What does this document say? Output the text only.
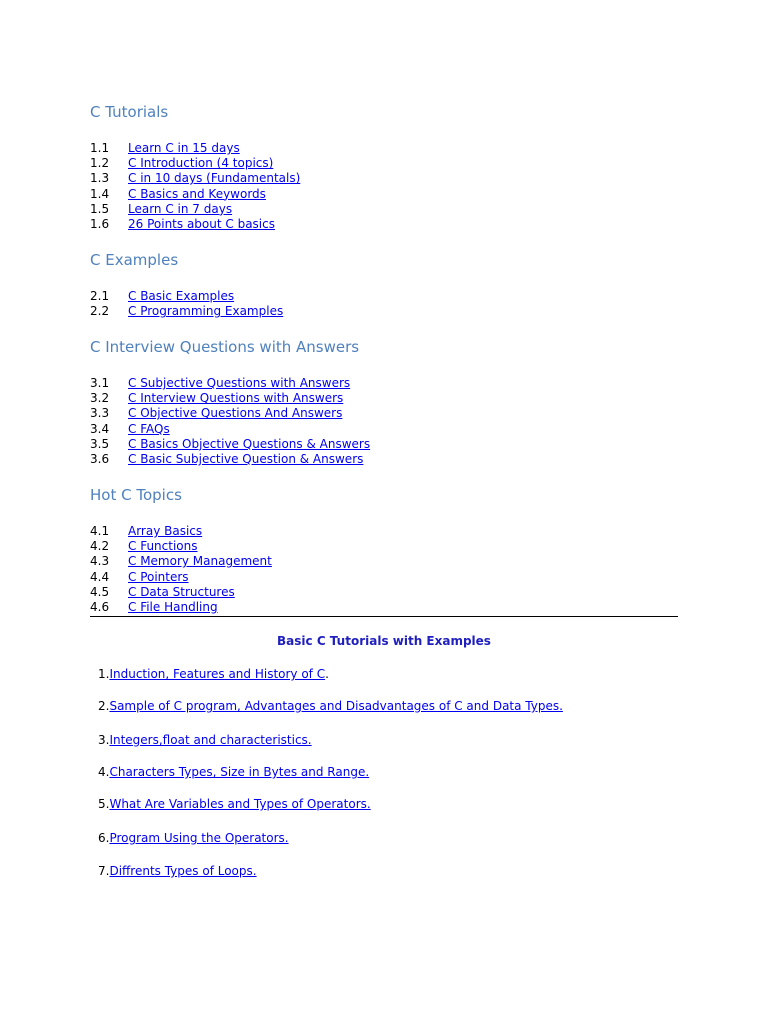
C Tutorials
1.1 Learn C in 15 days
1.2 C Introduction (4 topics)
1.3 C in 10 days (Fundamentals)
1.4 C Basics and Keywords
1.5 Learn C in 7 days
1.6 26 Points about C basics
C Examples
2.1 C Basic Examples
2.2 C Programming Examples
C Interview Questions with Answers
3.1 C Subjective Questions with Answers
3.2 C Interview Questions with Answers
3.3 C Objective Questions And Answers
3.4 C FAQs
3.5 C Basics Objective Questions & Answers
3.6 C Basic Subjective Question & Answers
Hot C Topics
4.1 Array Basics
4.2 C Functions
4.3 C Memory Management
4.4 C Pointers
4.5 C Data Structures
4.6 C File Handling
Basic C Tutorials with Examples
1.Induction, Features and History of C.
2.Sample of C program, Advantages and Disadvantages of C and Data Types.
3.Integers,float and characteristics.
4.Characters Types, Size in Bytes and Range.
5.What Are Variables and Types of Operators.
6.Program Using the Operators.
7.Diffrents Types of Loops.
